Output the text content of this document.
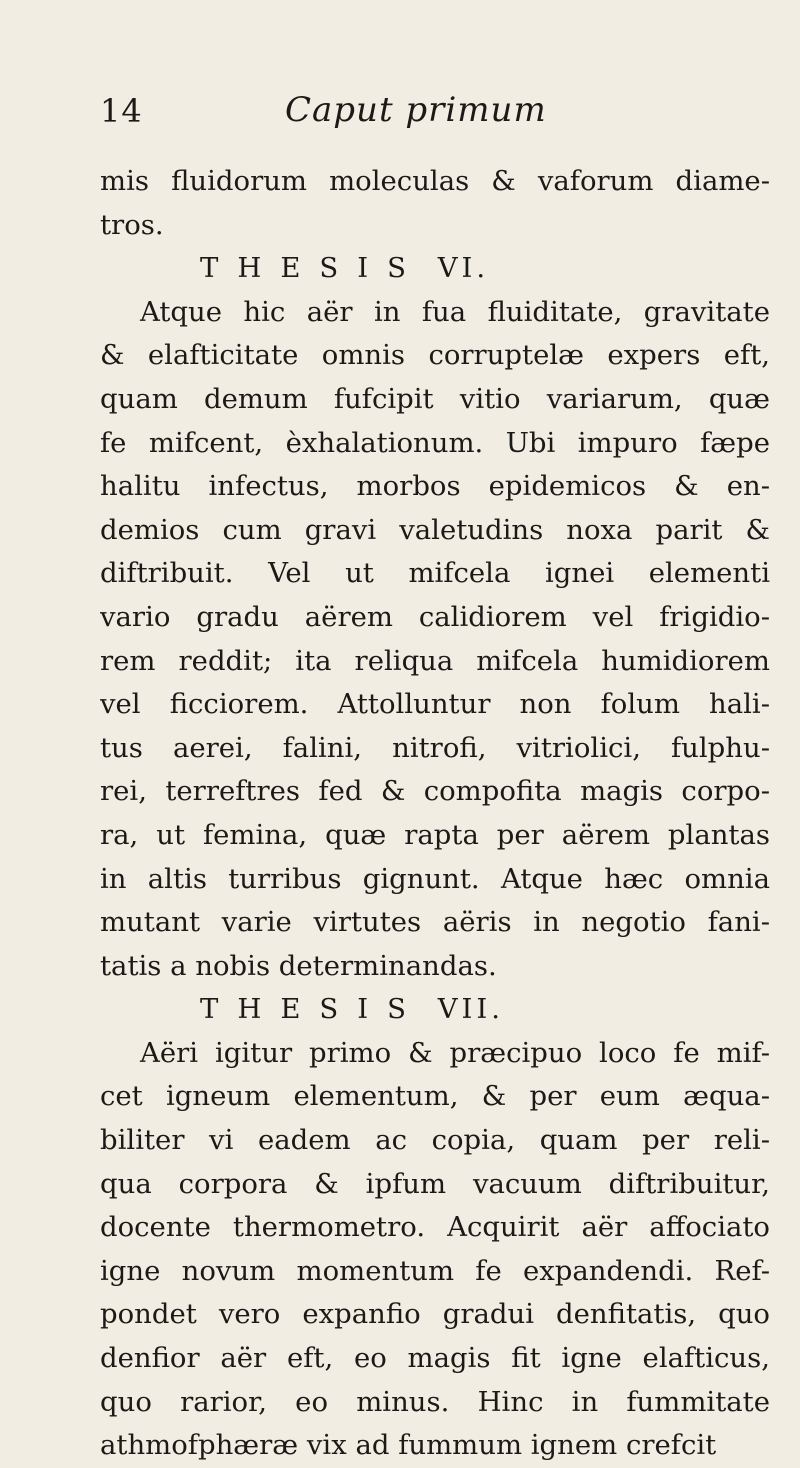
14	Caput primum
mis fluidorum moleculas & vaforum diame-
tros.
THESIS VI.
Atque hic aër in fua fluiditate, gravitate
& elafticitate omnis corruptelæ expers eft,
quam demum fufcipit vitio variarum, quæ
fe mifcent, èxhalationum. Ubi impuro fæpe
halitu infectus, morbos epidemicos & en-
demios cum gravi valetudins noxa parit &
diftribuit. Vel ut mifcela ignei elementi
vario gradu aërem calidiorem vel frigidio-
rem reddit; ita reliqua mifcela humidiorem
vel ficciorem. Attolluntur non folum hali-
tus aerei, falini, nitrofi, vitriolici, fulphu-
rei, terreftres fed & compofita magis corpo-
ra, ut femina, quæ rapta per aërem plantas
in altis turribus gignunt. Atque hæc omnia
mutant varie virtutes aëris in negotio fani-
tatis a nobis determinandas.
THESIS VII.
Aëri igitur primo & præcipuo loco fe mif-
cet igneum elementum, & per eum æqua-
biliter vi eadem ac copia, quam per reli-
qua corpora & ipfum vacuum diftribuitur,
docente thermometro. Acquirit aër affociato
igne novum momentum fe expandendi. Ref-
pondet vero expanfio gradui denfitatis, quo
denfior aër eft, eo magis fit igne elafticus,
quo rarior, eo minus. Hinc in fummitate
athmofphæræ vix ad fummum ignem crefcit
